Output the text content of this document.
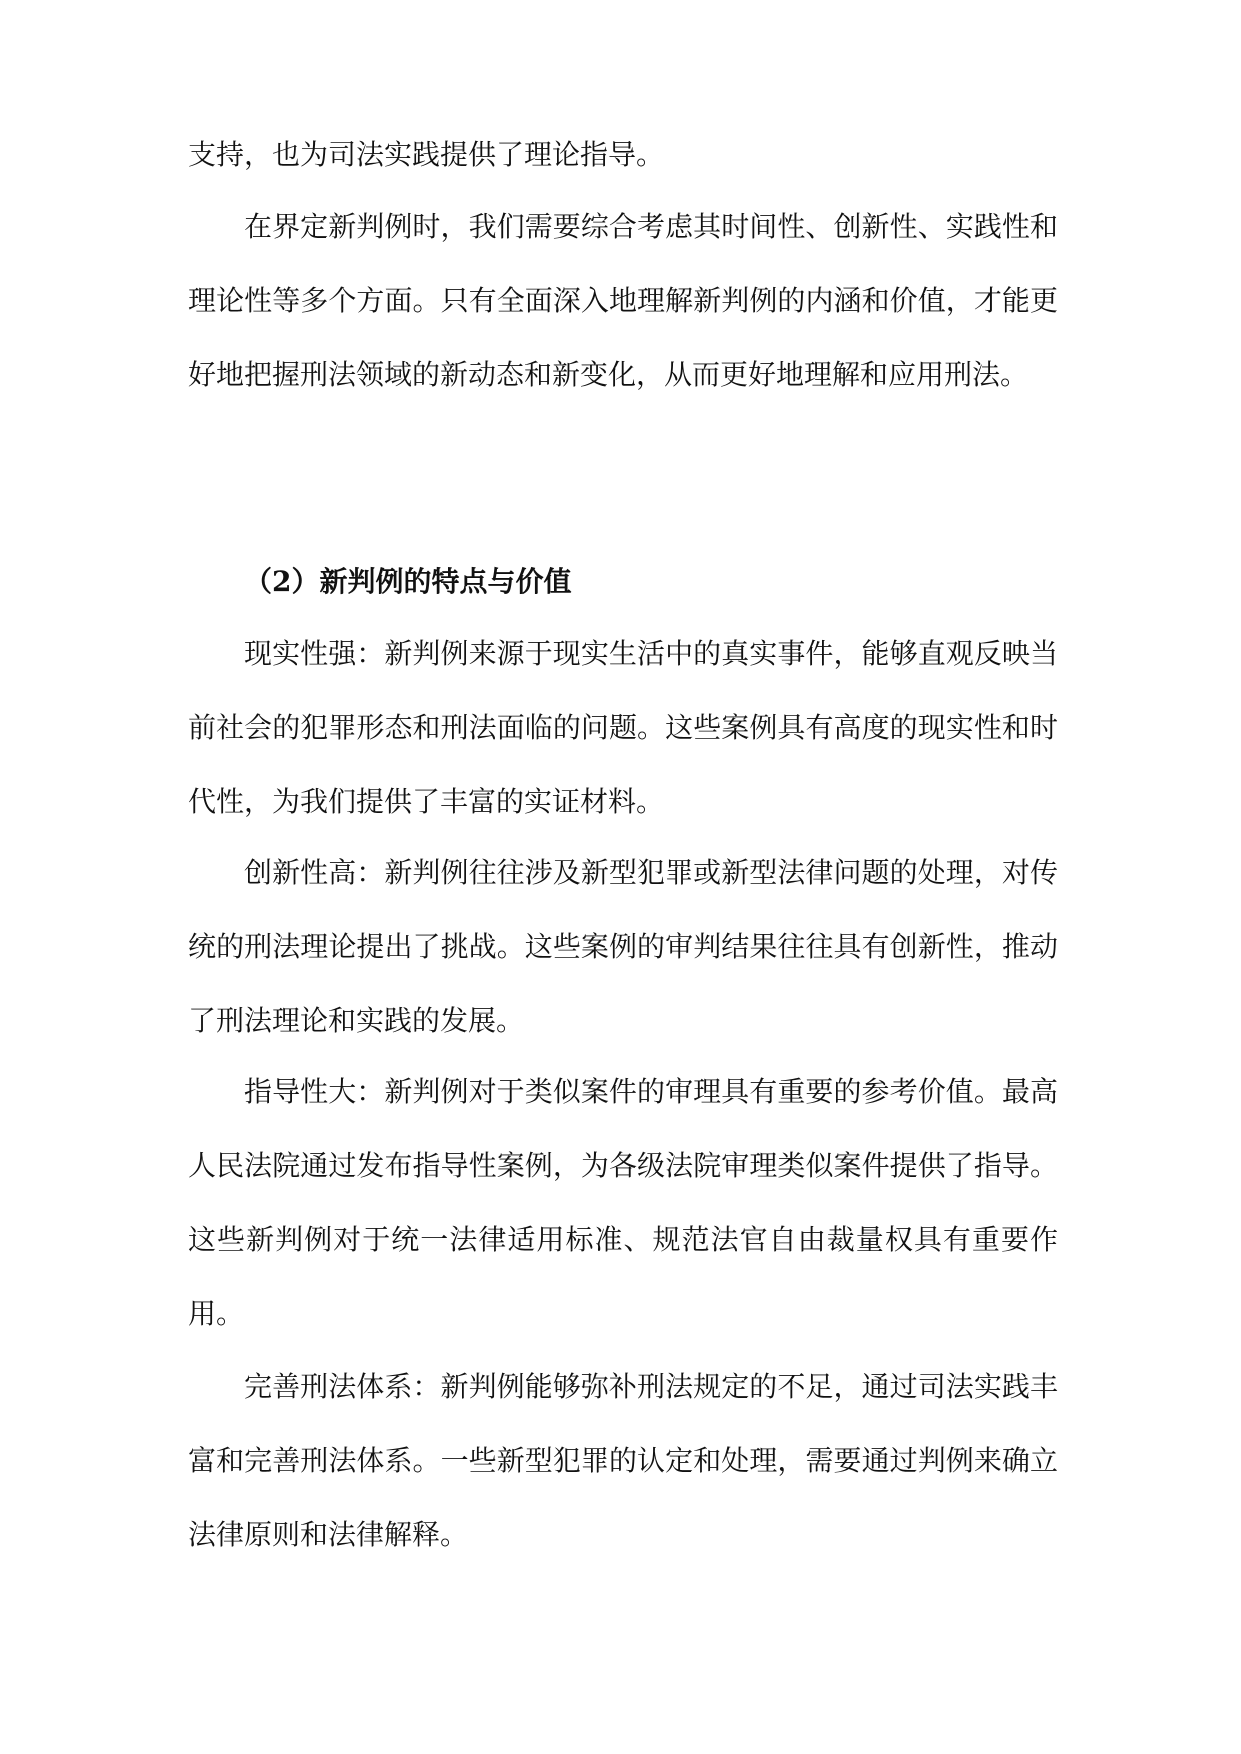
支持，也为司法实践提供了理论指导。

在界定新判例时，我们需要综合考虑其时间性、创新性、实践性和理论性等多个方面。只有全面深入地理解新判例的内涵和价值，才能更好地把握刑法领域的新动态和新变化，从而更好地理解和应用刑法。

（2）新判例的特点与价值

现实性强：新判例来源于现实生活中的真实事件，能够直观反映当前社会的犯罪形态和刑法面临的问题。这些案例具有高度的现实性和时代性，为我们提供了丰富的实证材料。

创新性高：新判例往往涉及新型犯罪或新型法律问题的处理，对传统的刑法理论提出了挑战。这些案例的审判结果往往具有创新性，推动了刑法理论和实践的发展。

指导性大：新判例对于类似案件的审理具有重要的参考价值。最高人民法院通过发布指导性案例，为各级法院审理类似案件提供了指导。这些新判例对于统一法律适用标准、规范法官自由裁量权具有重要作用。

完善刑法体系：新判例能够弥补刑法规定的不足，通过司法实践丰富和完善刑法体系。一些新型犯罪的认定和处理，需要通过判例来确立法律原则和法律解释。
